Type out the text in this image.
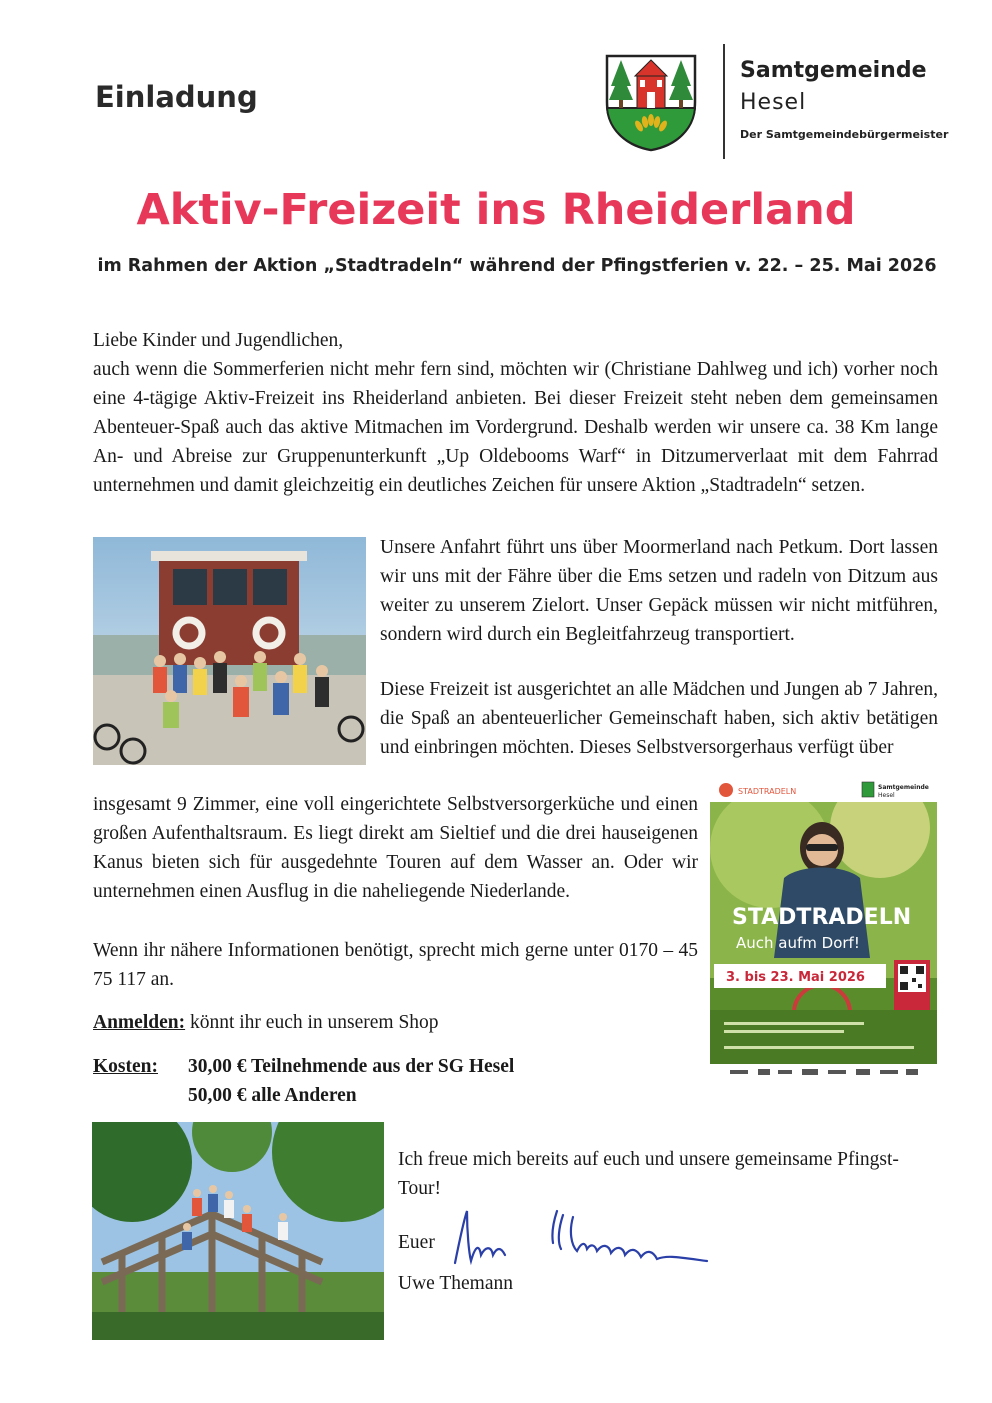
Einladung
Samtgemeinde
Hesel
Der Samtgemeindebürgermeister
Aktiv-Freizeit ins Rheiderland
im Rahmen der Aktion „Stadtradeln“ während der Pfingstferien v. 22. – 25. Mai 2026
Liebe Kinder und Jugendlichen,
auch wenn die Sommerferien nicht mehr fern sind, möchten wir (Christiane Dahlweg und ich) vorher noch eine 4-tägige Aktiv-Freizeit ins Rheiderland anbieten. Bei dieser Freizeit steht neben dem gemeinsamen Abenteuer-Spaß auch das aktive Mitmachen im Vordergrund. Deshalb werden wir unsere ca. 38 Km lange An- und Abreise zur Gruppenunterkunft „Up Oldebooms Warf“ in Ditzumerverlaat mit dem Fahrrad unternehmen und damit gleichzeitig ein deutliches Zeichen für unsere Aktion „Stadtradeln“ setzen.
Unsere Anfahrt führt uns über Moormerland nach Petkum. Dort lassen wir uns mit der Fähre über die Ems setzen und radeln von Ditzum aus weiter zu unserem Zielort. Unser Gepäck müssen wir nicht mitführen, sondern wird durch ein Begleitfahrzeug transportiert.
Diese Freizeit ist ausgerichtet an alle Mädchen und Jungen ab 7 Jahren, die Spaß an abenteuerlicher Gemeinschaft haben, sich aktiv betätigen und einbringen möchten. Dieses Selbstversorgerhaus verfügt über
insgesamt 9 Zimmer, eine voll eingerichtete Selbstversorgerküche und einen großen Aufenthaltsraum. Es liegt direkt am Sieltief und die drei hauseigenen Kanus bieten sich für ausgedehnte Touren auf dem Wasser an. Oder wir unternehmen einen Ausflug in die naheliegende Niederlande.
Wenn ihr nähere Informationen benötigt, sprecht mich gerne unter 0170 – 45 75 117 an.
STADTRADELN	Samtgemeinde
Hesel
STADTRADELN
Auch aufm Dorf!
3. bis 23. Mai 2026
Anmelden: könnt ihr euch in unserem Shop
Kosten: 30,00 € Teilnehmende aus der SG Hesel
50,00 € alle Anderen
Ich freue mich bereits auf euch und unsere gemeinsame Pfingst-Tour!
Euer
Uwe Themann
